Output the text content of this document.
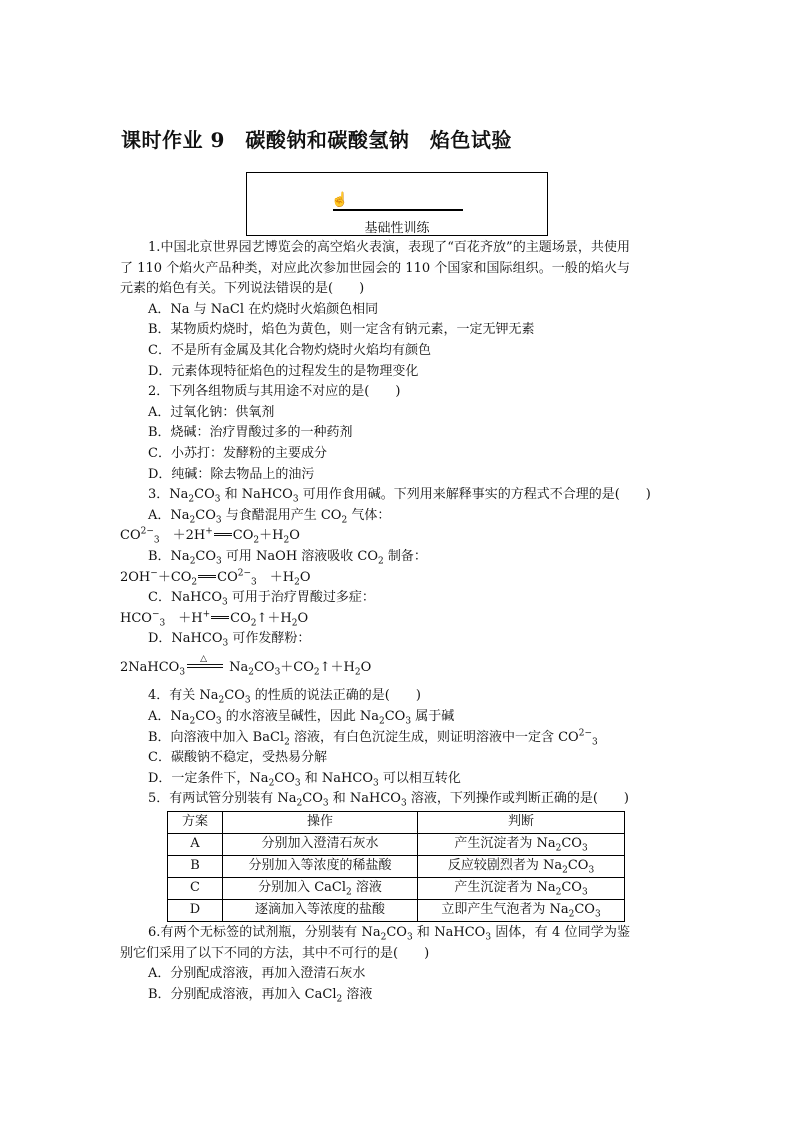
课时作业 9　碳酸钠和碳酸氢钠　焰色试验
☝
基础性训练

1.中国北京世界园艺博览会的高空焰火表演，表现了“百花齐放”的主题场景，共使用了 110 个焰火产品种类，对应此次参加世园会的 110 个国家和国际组织。一般的焰火与元素的焰色有关。下列说法错误的是(　　)

A．Na 与 NaCl 在灼烧时火焰颜色相同

B．某物质灼烧时，焰色为黄色，则一定含有钠元素，一定无钾无素

C．不是所有金属及其化合物灼烧时火焰均有颜色

D．元素体现特征焰色的过程发生的是物理变化

2．下列各组物质与其用途不对应的是(　　)

A．过氧化钠：供氧剂

B．烧碱：治疗胃酸过多的一种药剂

C．小苏打：发酵粉的主要成分

D．纯碱：除去物品上的油污

3．$Na_2CO_3$ 和 NaHCO$_3$ 可用作食用碱。下列用来解释事实的方程式不合理的是(　　)

A．$Na_2CO_3$ 与食醋混用产生 $CO_2$ 气体：

$CO^{2-}_3$　＋2H+ $CO_2+H_2O$

B．$Na_2CO_3$ 可用 NaOH 溶液吸收 $CO_2$ 制备：

$2OH^-+CO_2$ $CO^{2-}_3$　$+H_2O$

C．NaHCO$_3$ 可用于治疗胃酸过多症：

$HCO^-_3$　＋H+ $CO_2↑+H_2O$

D．NaHCO$_3$ 可作发酵粉：

2NaHCO$_3$
△
$Na_2CO_3+CO_2↑+H_2O$

4．有关 $Na_2CO_3$ 的性质的说法正确的是(　　)

A．$Na_2CO_3$ 的水溶液呈碱性，因此 $Na_2CO_3$ 属于碱

B．向溶液中加入 BaCl$_2$ 溶液，有白色沉淀生成，则证明溶液中一定含 $CO^{2-}_3$

C．碳酸钠不稳定，受热易分解

D．一定条件下，$Na_2CO_3$ 和 NaHCO$_3$ 可以相互转化

5．有两试管分别装有 $Na_2CO_3$ 和 NaHCO$_3$ 溶液，下列操作或判断正确的是(　　)

方案	操作	判断
A	分别加入澄清石灰水	产生沉淀者为 $Na_2CO_3$
B	分别加入等浓度的稀盐酸	反应较剧烈者为 $Na_2CO_3$
C	分别加入 CaCl$_2$ 溶液	产生沉淀者为 $Na_2CO_3$
D	逐滴加入等浓度的盐酸	立即产生气泡者为 $Na_2CO_3$

6.有两个无标签的试剂瓶，分别装有 $Na_2CO_3$ 和 NaHCO$_3$ 固体，有 4 位同学为鉴别它们采用了以下不同的方法，其中不可行的是(　　)

A．分别配成溶液，再加入澄清石灰水

B．分别配成溶液，再加入 CaCl$_2$ 溶液
